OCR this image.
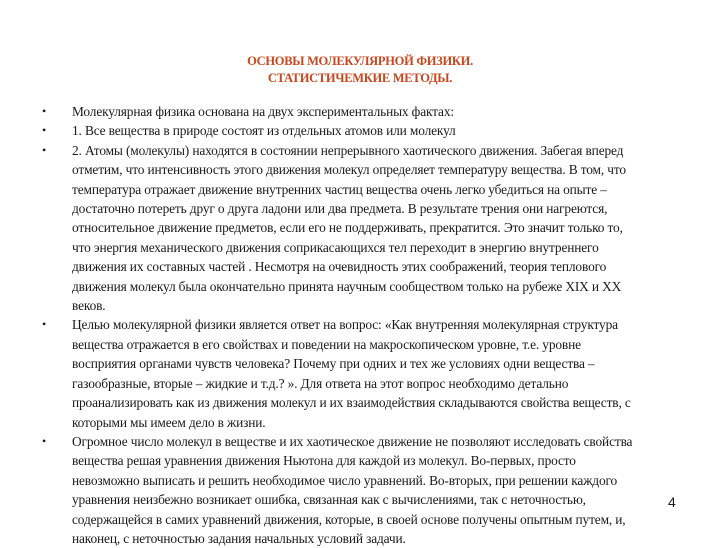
ОСНОВЫ МОЛЕКУЛЯРНОЙ ФИЗИКИ.
СТАТИСТИЧЕМКИЕ МЕТОДЫ.
• Молекулярная физика основана на двух экспериментальных фактах:
• 1. Все вещества в природе состоят из отдельных атомов или молекул
• 2. Атомы (молекулы) находятся в состоянии непрерывного хаотического движения. Забегая вперед
отметим, что интенсивность этого движения молекул определяет температуру вещества. В том, что
температура отражает движение внутренних частиц вещества очень легко убедиться на опыте –
достаточно потереть друг о друга ладони или два предмета. В результате трения они нагреются,
относительное движение предметов, если его не поддерживать, прекратится. Это значит только то,
что энергия механического движения соприкасающихся тел переходит в энергию внутреннего
движения их составных частей . Несмотря на очевидность этих соображений, теория теплового
движения молекул была окончательно принята научным сообществом только на рубеже XIX и XX
веков.
• Целью молекулярной физики является ответ на вопрос: «Как внутренняя молекулярная структура
вещества отражается в его свойствах и поведении на макроскопическом уровне, т.е. уровне
восприятия органами чувств человека? Почему при одних и тех же условиях одни вещества –
газообразные, вторые – жидкие и т.д.? ». Для ответа на этот вопрос необходимо детально
проанализировать как из движения молекул и их взаимодействия складываются свойства веществ, с
которыми мы имеем дело в жизни.
• Огромное число молекул в веществе и их хаотическое движение не позволяют исследовать свойства
вещества решая уравнения движения Ньютона для каждой из молекул. Во-первых, просто
невозможно выписать и решить необходимое число уравнений. Во-вторых, при решении каждого
уравнения неизбежно возникает ошибка, связанная как с вычислениями, так с неточностью,
содержащейся в самих уравнений движения, которые, в своей основе получены опытным путем, и,
наконец, с неточностью задания начальных условий задачи.
4
